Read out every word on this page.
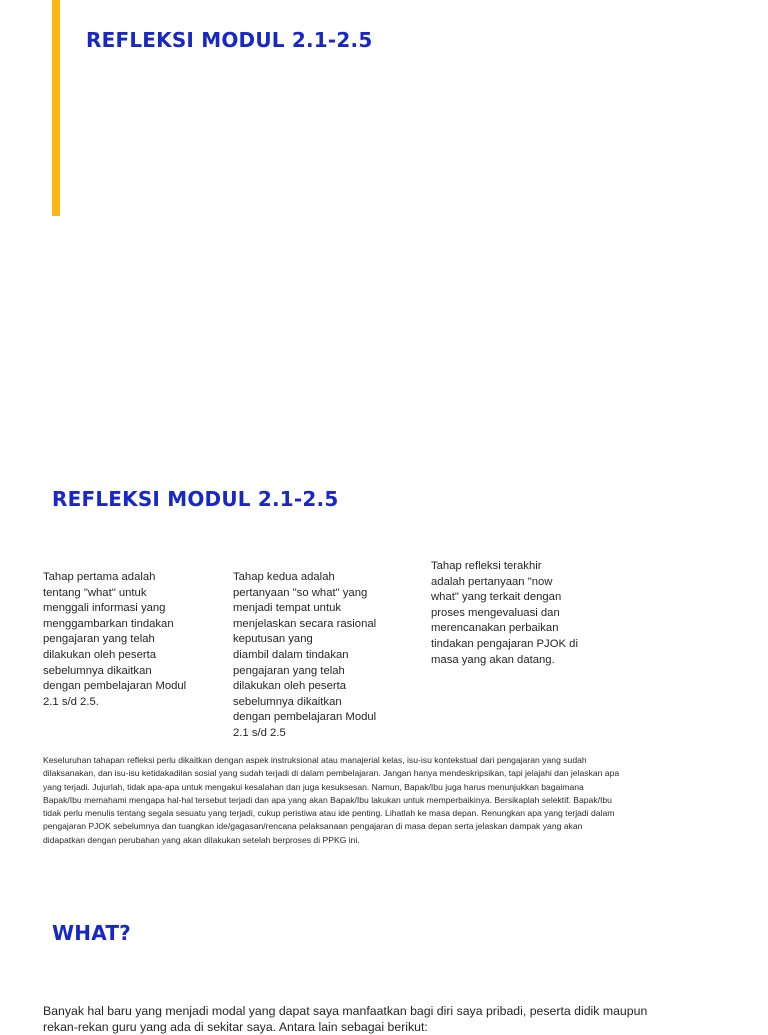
REFLEKSI MODUL 2.1-2.5
REFLEKSI MODUL 2.1-2.5

Tahap pertama adalah
tentang "what" untuk
menggali informasi yang
menggambarkan tindakan
pengajaran yang telah
dilakukan oleh peserta
sebelumnya dikaitkan
dengan pembelajaran Modul
2.1 s/d 2.5.

Tahap kedua adalah
pertanyaan "so what" yang
menjadi tempat untuk
menjelaskan secara rasional
keputusan yang
diambil dalam tindakan
pengajaran yang telah
dilakukan oleh peserta
sebelumnya dikaitkan
dengan pembelajaran Modul
2.1 s/d 2.5

Tahap refleksi terakhir
adalah pertanyaan "now
what" yang terkait dengan
proses mengevaluasi dan
merencanakan perbaikan
tindakan pengajaran PJOK di
masa yang akan datang.

Keseluruhan tahapan refleksi perlu dikaitkan dengan aspek instruksional atau manajerial kelas, isu-isu kontekstual dari pengajaran yang sudah
dilaksanakan, dan isu-isu ketidakadilan sosial yang sudah terjadi di dalam pembelajaran. Jangan hanya mendeskripsikan, tapi jelajahi dan jelaskan apa
yang terjadi. Jujurlah, tidak apa-apa untuk mengakui kesalahan dan juga kesuksesan. Namun, Bapak/Ibu juga harus menunjukkan bagaimana
Bapak/Ibu memahami mengapa hal-hal tersebut terjadi dan apa yang akan Bapak/Ibu lakukan untuk memperbaikinya. Bersikaplah selektif. Bapak/Ibu
tidak perlu menulis tentang segala sesuatu yang terjadi, cukup peristiwa atau ide penting. Lihatlah ke masa depan. Renungkan apa yang terjadi dalam
pengajaran PJOK sebelumnya dan tuangkan ide/gagasan/rencana pelaksanaan pengajaran di masa depan serta jelaskan dampak yang akan
didapatkan dengan perubahan yang akan dilakukan setelah berproses di PPKG ini.

WHAT?

Banyak hal baru yang menjadi modal yang dapat saya manfaatkan bagi diri saya pribadi, peserta didik maupun
rekan-rekan guru yang ada di sekitar saya. Antara lain sebagai berikut:
